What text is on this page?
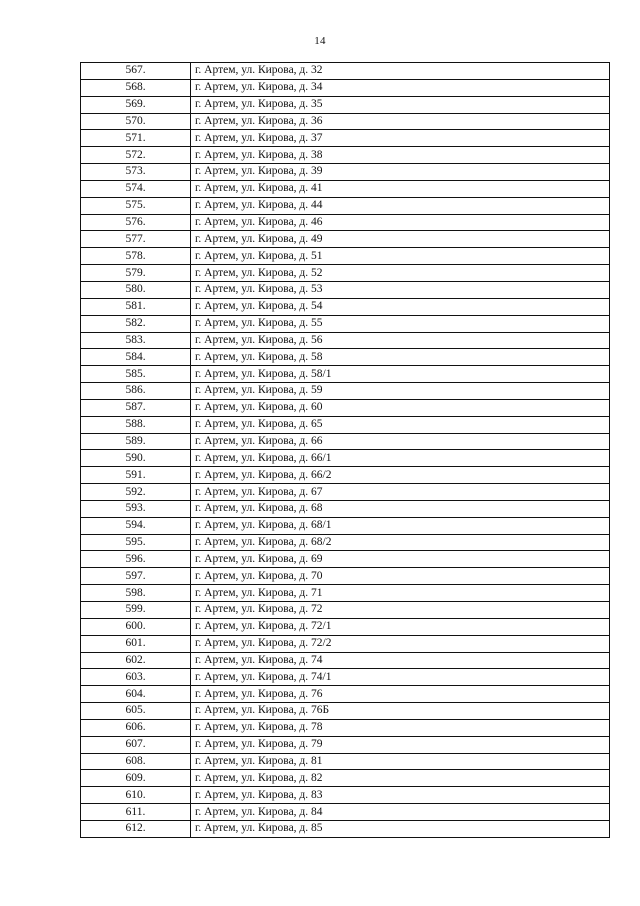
14
567.	г. Артем, ул. Кирова, д. 32
568.	г. Артем, ул. Кирова, д. 34
569.	г. Артем, ул. Кирова, д. 35
570.	г. Артем, ул. Кирова, д. 36
571.	г. Артем, ул. Кирова, д. 37
572.	г. Артем, ул. Кирова, д. 38
573.	г. Артем, ул. Кирова, д. 39
574.	г. Артем, ул. Кирова, д. 41
575.	г. Артем, ул. Кирова, д. 44
576.	г. Артем, ул. Кирова, д. 46
577.	г. Артем, ул. Кирова, д. 49
578.	г. Артем, ул. Кирова, д. 51
579.	г. Артем, ул. Кирова, д. 52
580.	г. Артем, ул. Кирова, д. 53
581.	г. Артем, ул. Кирова, д. 54
582.	г. Артем, ул. Кирова, д. 55
583.	г. Артем, ул. Кирова, д. 56
584.	г. Артем, ул. Кирова, д. 58
585.	г. Артем, ул. Кирова, д. 58/1
586.	г. Артем, ул. Кирова, д. 59
587.	г. Артем, ул. Кирова, д. 60
588.	г. Артем, ул. Кирова, д. 65
589.	г. Артем, ул. Кирова, д. 66
590.	г. Артем, ул. Кирова, д. 66/1
591.	г. Артем, ул. Кирова, д. 66/2
592.	г. Артем, ул. Кирова, д. 67
593.	г. Артем, ул. Кирова, д. 68
594.	г. Артем, ул. Кирова, д. 68/1
595.	г. Артем, ул. Кирова, д. 68/2
596.	г. Артем, ул. Кирова, д. 69
597.	г. Артем, ул. Кирова, д. 70
598.	г. Артем, ул. Кирова, д. 71
599.	г. Артем, ул. Кирова, д. 72
600.	г. Артем, ул. Кирова, д. 72/1
601.	г. Артем, ул. Кирова, д. 72/2
602.	г. Артем, ул. Кирова, д. 74
603.	г. Артем, ул. Кирова, д. 74/1
604.	г. Артем, ул. Кирова, д. 76
605.	г. Артем, ул. Кирова, д. 76Б
606.	г. Артем, ул. Кирова, д. 78
607.	г. Артем, ул. Кирова, д. 79
608.	г. Артем, ул. Кирова, д. 81
609.	г. Артем, ул. Кирова, д. 82
610.	г. Артем, ул. Кирова, д. 83
611.	г. Артем, ул. Кирова, д. 84
612.	г. Артем, ул. Кирова, д. 85
